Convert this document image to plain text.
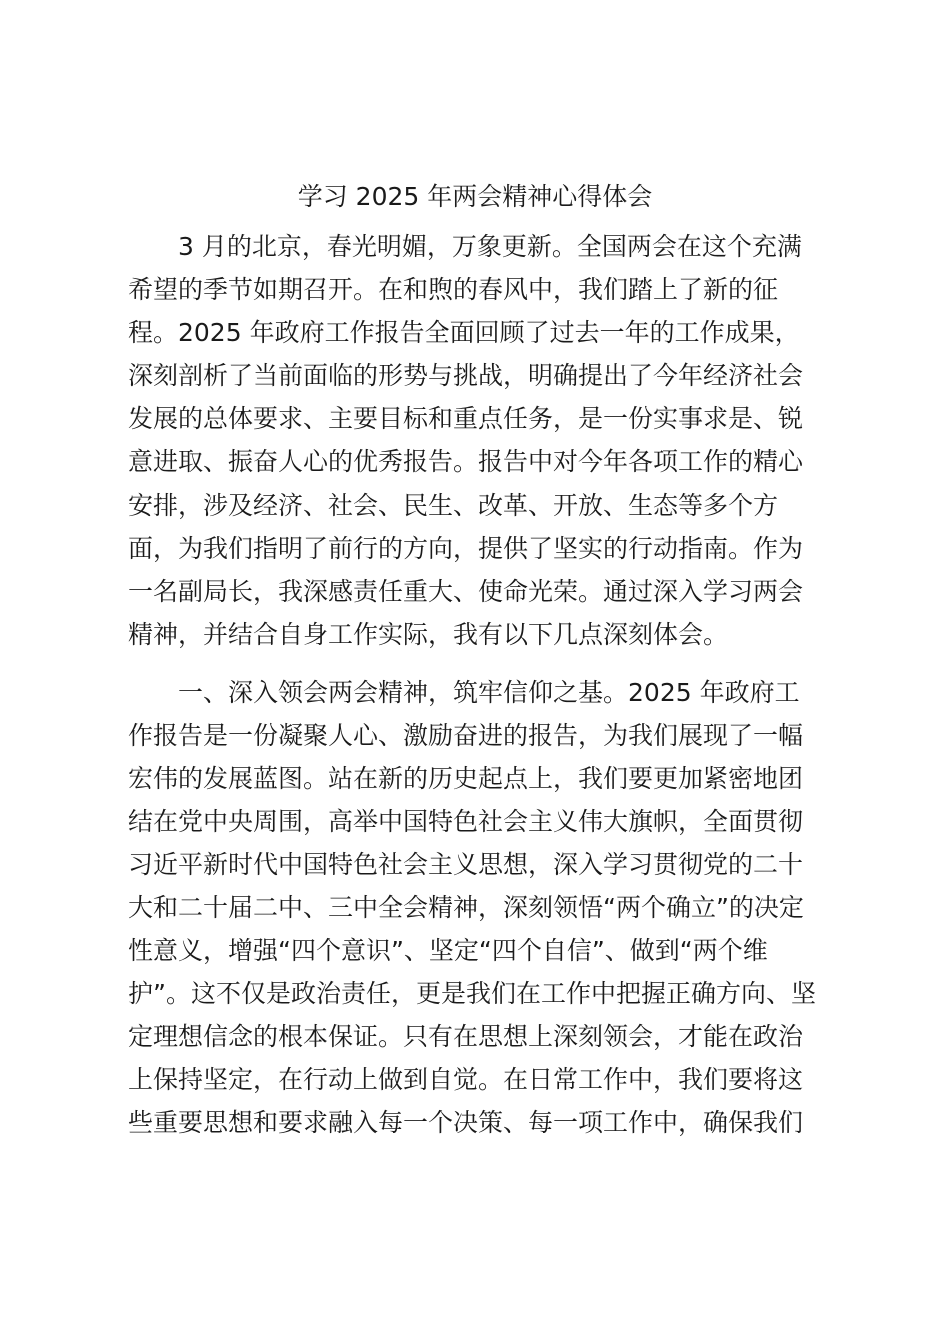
学习 2025 年两会精神心得体会
3 月的北京，春光明媚，万象更新。全国两会在这个充满
希望的季节如期召开。在和煦的春风中，我们踏上了新的征
程。2025 年政府工作报告全面回顾了过去一年的工作成果，
深刻剖析了当前面临的形势与挑战，明确提出了今年经济社会
发展的总体要求、主要目标和重点任务，是一份实事求是、锐
意进取、振奋人心的优秀报告。报告中对今年各项工作的精心
安排，涉及经济、社会、民生、改革、开放、生态等多个方
面，为我们指明了前行的方向，提供了坚实的行动指南。作为
一名副局长，我深感责任重大、使命光荣。通过深入学习两会
精神，并结合自身工作实际，我有以下几点深刻体会。
一、深入领会两会精神，筑牢信仰之基。2025 年政府工
作报告是一份凝聚人心、激励奋进的报告，为我们展现了一幅
宏伟的发展蓝图。站在新的历史起点上，我们要更加紧密地团
结在党中央周围，高举中国特色社会主义伟大旗帜，全面贯彻
习近平新时代中国特色社会主义思想，深入学习贯彻党的二十
大和二十届二中、三中全会精神，深刻领悟“两个确立”的决定
性意义，增强“四个意识”、坚定“四个自信”、做到“两个维
护”。这不仅是政治责任，更是我们在工作中把握正确方向、坚
定理想信念的根本保证。只有在思想上深刻领会，才能在政治
上保持坚定，在行动上做到自觉。在日常工作中，我们要将这
些重要思想和要求融入每一个决策、每一项工作中，确保我们
